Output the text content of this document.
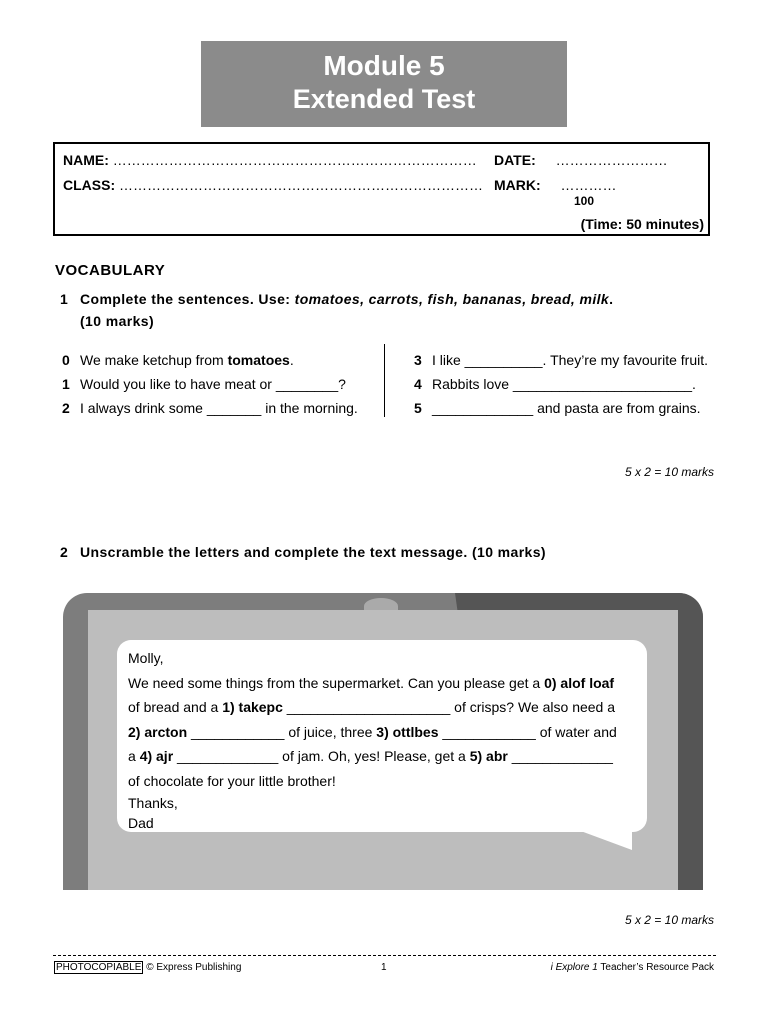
Module 5
Extended Test
NAME: …………………………………………………………………… DATE: ……………………
CLASS: …………………………………………………………………… MARK: …………
100
(Time: 50 minutes)
VOCABULARY
1 Complete the sentences. Use: tomatoes, carrots, fish, bananas, bread, milk.
(10 marks)
0 We make ketchup from tomatoes.
1 Would you like to have meat or ________?
2 I always drink some _______ in the morning.
3 I like __________. They’re my favourite fruit.
4 Rabbits love _______________________.
5 _____________ and pasta are from grains.
5 x 2 = 10 marks
2 Unscramble the letters and complete the text message. (10 marks)
Molly,
We need some things from the supermarket. Can you please get a 0) alof loaf
of bread and a 1) takepc _____________________ of crisps? We also need a
2) arcton ____________ of juice, three 3) ottlbes ____________ of water and
a 4) ajr _____________ of jam. Oh, yes! Please, get a 5) abr _____________
of chocolate for your little brother!
Thanks,
Dad
5 x 2 = 10 marks
PHOTOCOPIABLE © Express Publishing	1	i Explore 1 Teacher’s Resource Pack
